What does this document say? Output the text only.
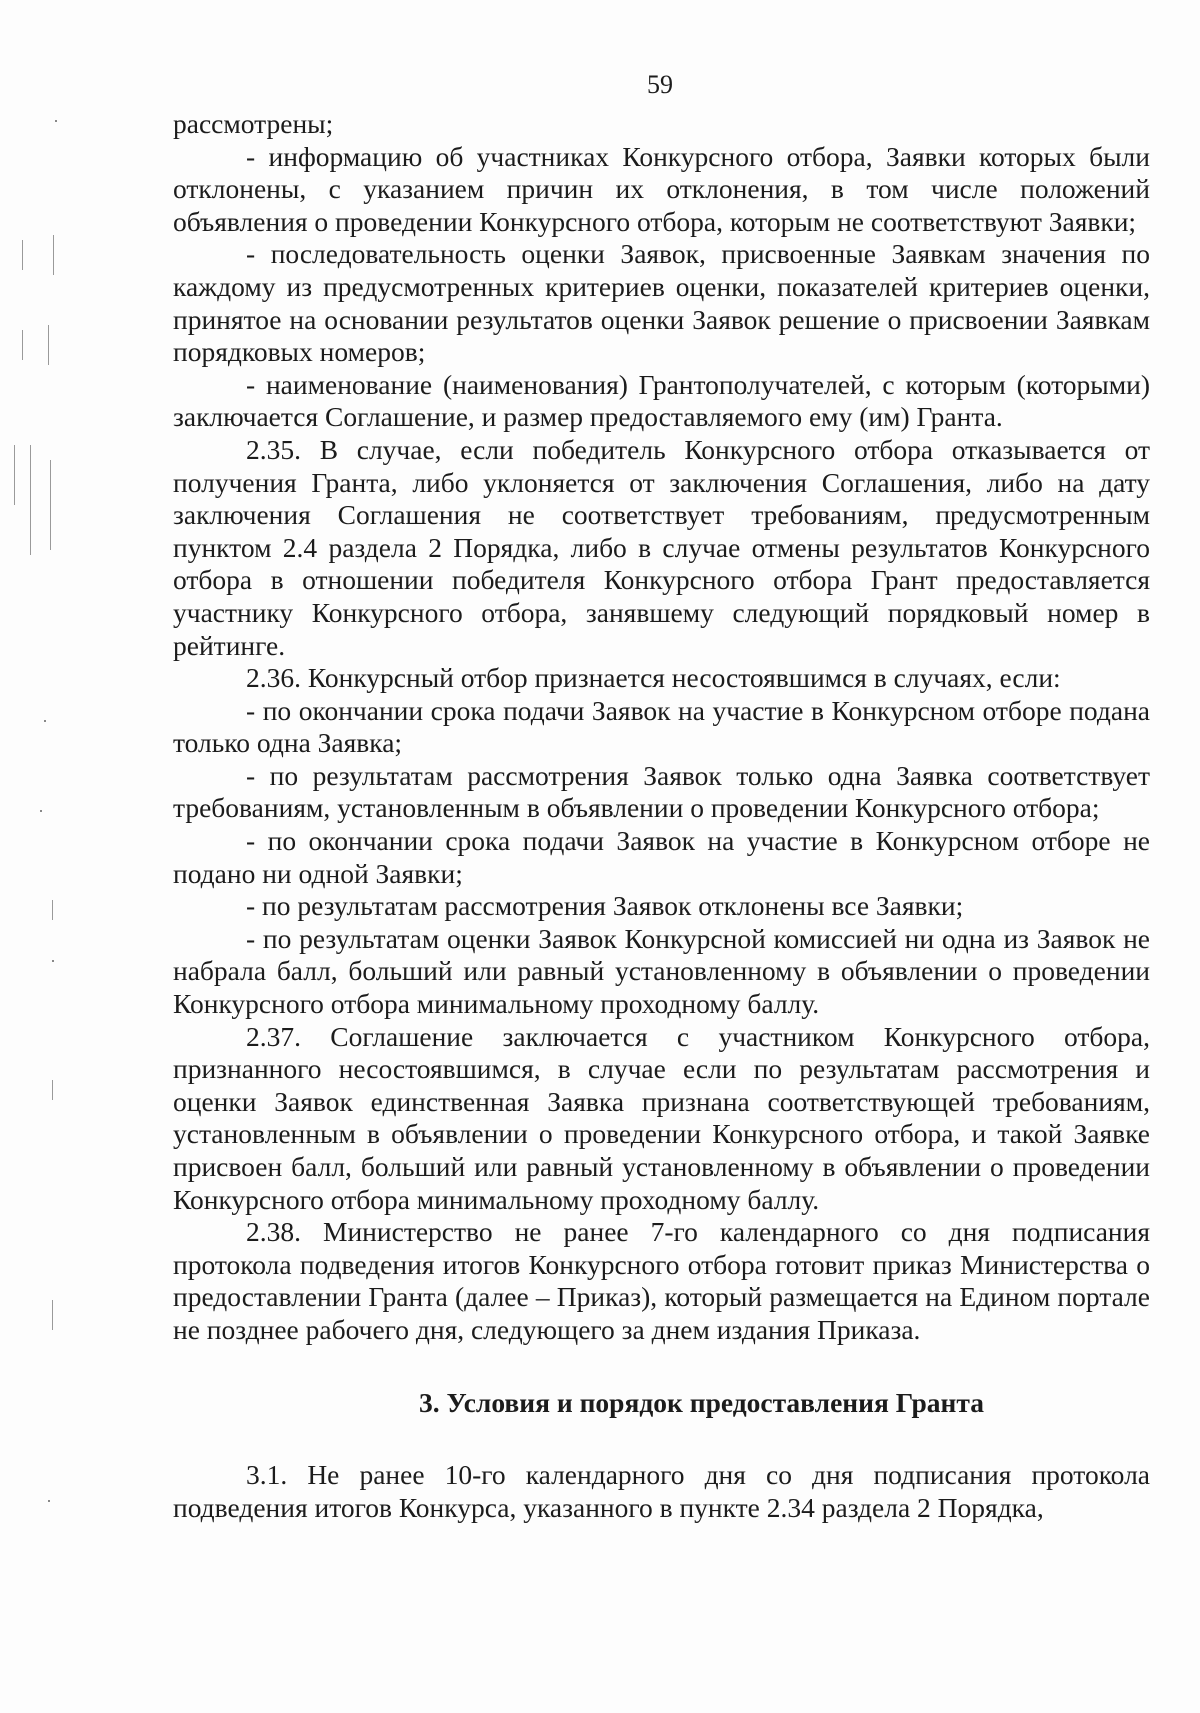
59

рассмотрены;

- информацию об участниках Конкурсного отбора, Заявки которых были отклонены, с указанием причин их отклонения, в том числе положений объявления о проведении Конкурсного отбора, которым не соответствуют Заявки;

- последовательность оценки Заявок, присвоенные Заявкам значения по каждому из предусмотренных критериев оценки, показателей критериев оценки, принятое на основании результатов оценки Заявок решение о присвоении Заявкам порядковых номеров;

- наименование (наименования) Грантополучателей, с которым (которыми) заключается Соглашение, и размер предоставляемого ему (им) Гранта.

2.35. В случае, если победитель Конкурсного отбора отказывается от получения Гранта, либо уклоняется от заключения Соглашения, либо на дату заключения Соглашения не соответствует требованиям, предусмотренным пунктом 2.4 раздела 2 Порядка, либо в случае отмены результатов Конкурсного отбора в отношении победителя Конкурсного отбора Грант предоставляется участнику Конкурсного отбора, занявшему следующий порядковый номер в рейтинге.

2.36. Конкурсный отбор признается несостоявшимся в случаях, если:

- по окончании срока подачи Заявок на участие в Конкурсном отборе подана только одна Заявка;

- по результатам рассмотрения Заявок только одна Заявка соответствует требованиям, установленным в объявлении о проведении Конкурсного отбора;

- по окончании срока подачи Заявок на участие в Конкурсном отборе не подано ни одной Заявки;

- по результатам рассмотрения Заявок отклонены все Заявки;

- по результатам оценки Заявок Конкурсной комиссией ни одна из Заявок не набрала балл, больший или равный установленному в объявлении о проведении Конкурсного отбора минимальному проходному баллу.

2.37. Соглашение заключается с участником Конкурсного отбора, признанного несостоявшимся, в случае если по результатам рассмотрения и оценки Заявок единственная Заявка признана соответствующей требованиям, установленным в объявлении о проведении Конкурсного отбора, и такой Заявке присвоен балл, больший или равный установленному в объявлении о проведении Конкурсного отбора минимальному проходному баллу.

2.38. Министерство не ранее 7-го календарного со дня подписания протокола подведения итогов Конкурсного отбора готовит приказ Министерства о предоставлении Гранта (далее – Приказ), который размещается на Едином портале не позднее рабочего дня, следующего за днем издания Приказа.

3. Условия и порядок предоставления Гранта

3.1. Не ранее 10-го календарного дня со дня подписания протокола подведения итогов Конкурса, указанного в пункте 2.34 раздела 2 Порядка,
